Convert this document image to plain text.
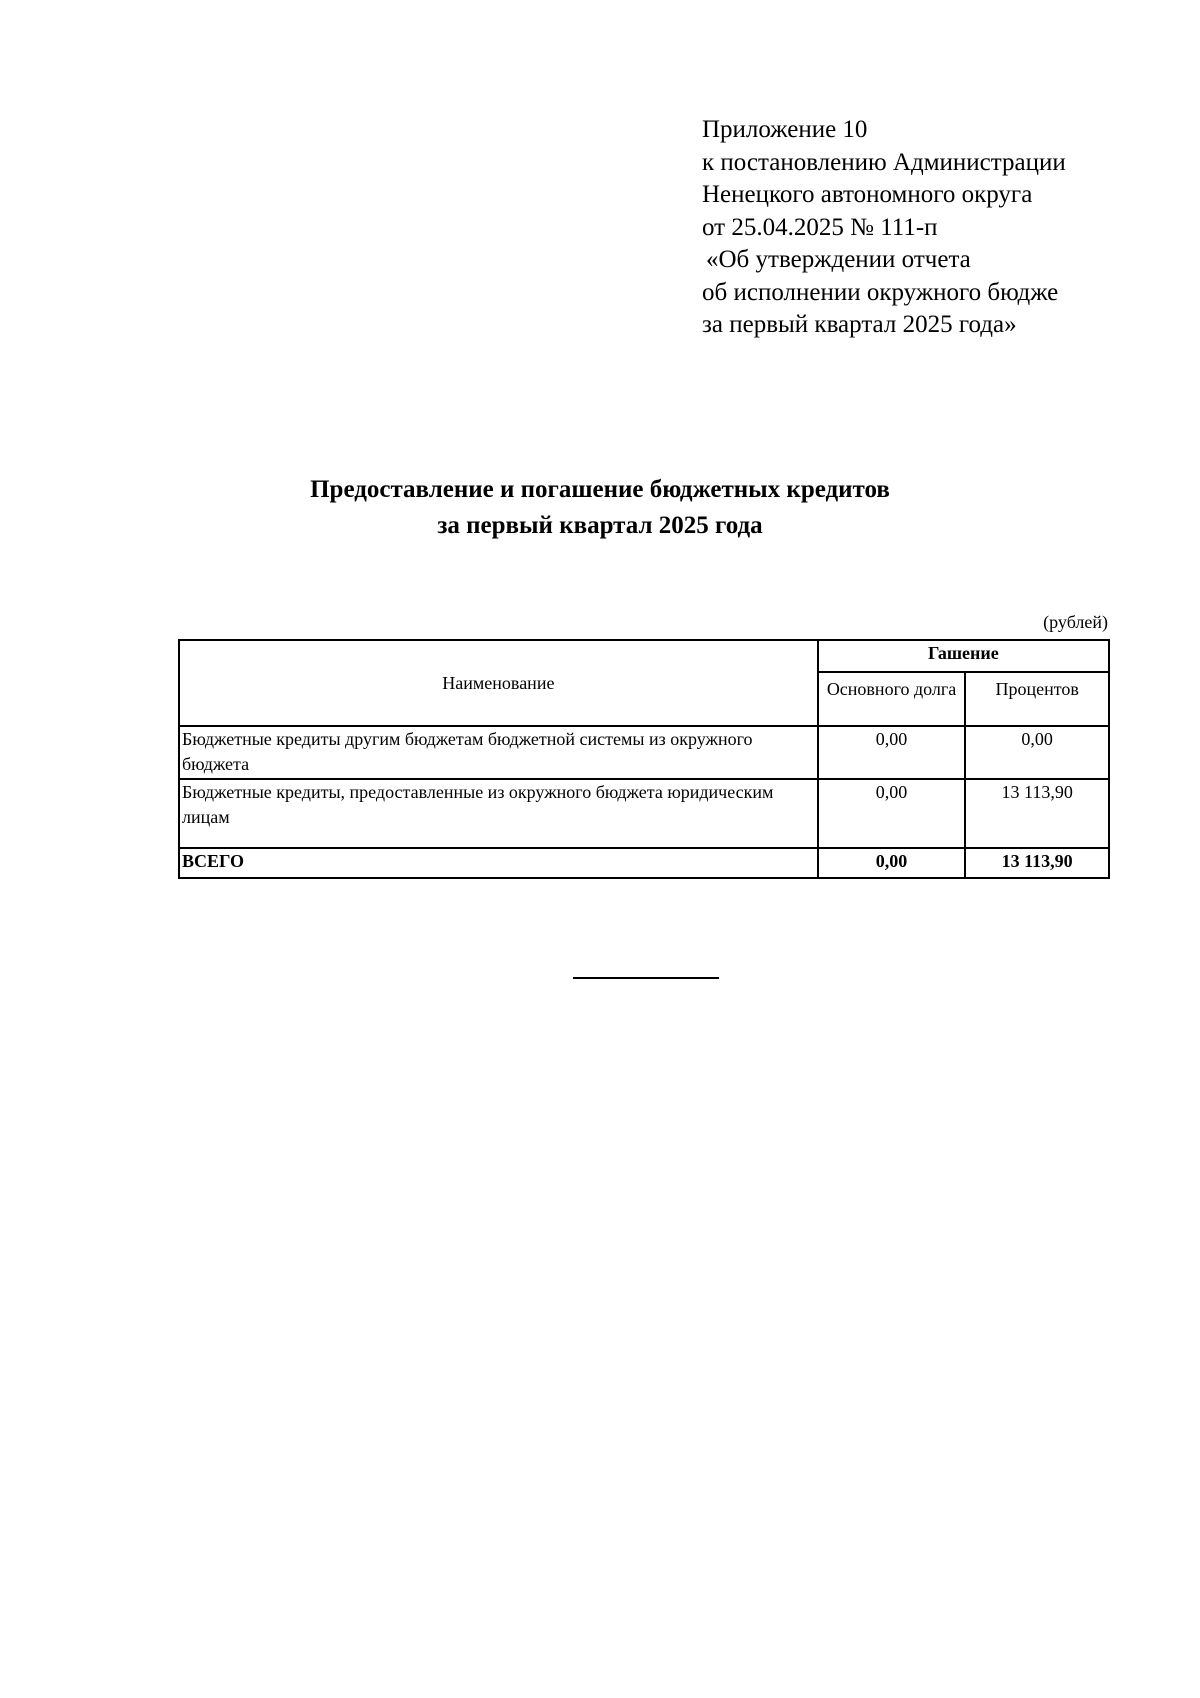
Приложение 10
к постановлению Администрации
Ненецкого автономного округа
от 25.04.2025 № 111-п
«Об утверждении отчета
об исполнении окружного бюдже
за первый квартал 2025 года»
Предоставление и погашение бюджетных кредитов
за первый квартал 2025 года
(рублей)
Наименование	Гашение	
	Основного долга	Процентов
Бюджетные кредиты другим бюджетам бюджетной системы из окружного бюджета	0,00	0,00
Бюджетные кредиты, предоставленные из окружного бюджета юридическим лицам	0,00	13 113,90
ВСЕГО	0,00	13 113,90
